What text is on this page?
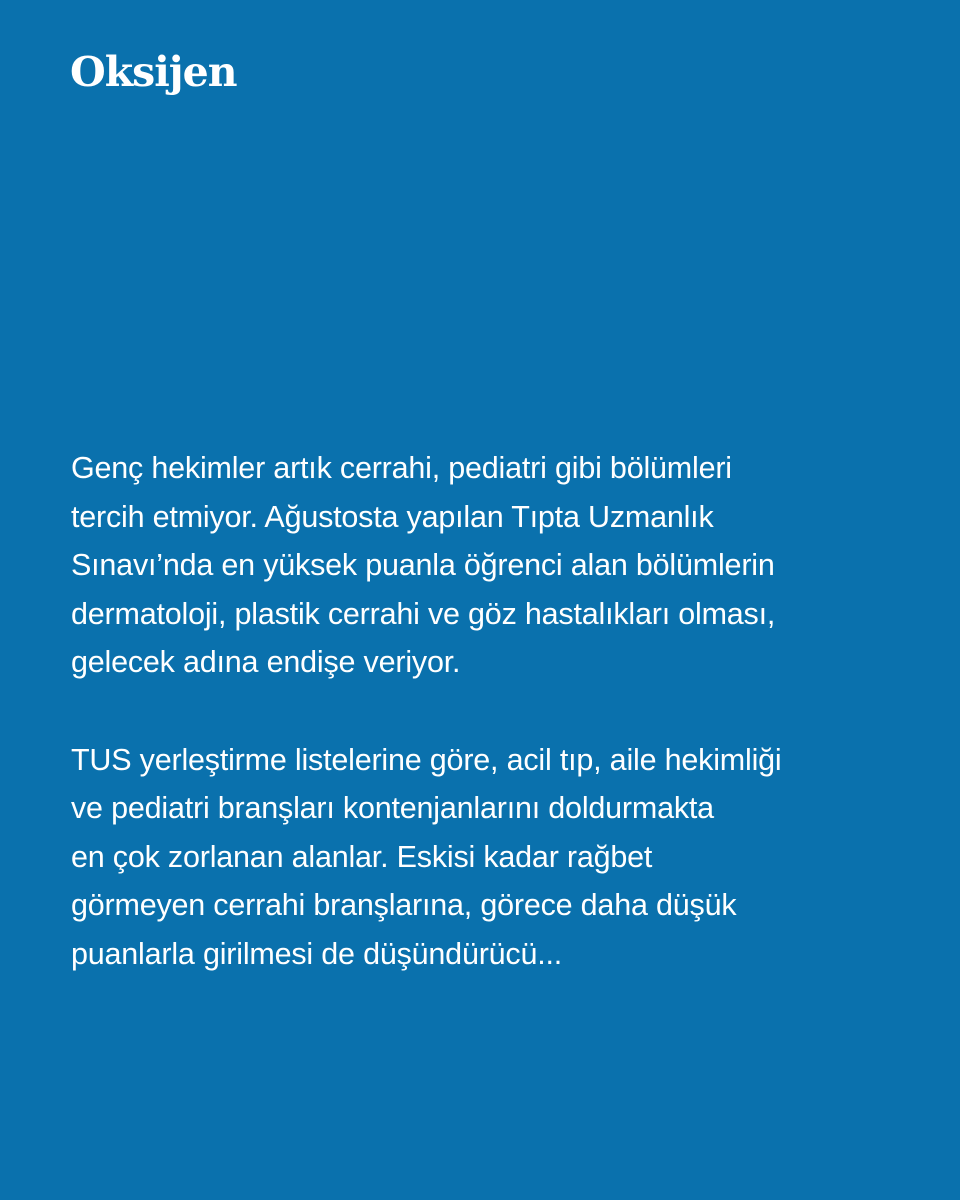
Oksijen

Genç hekimler artık cerrahi, pediatri gibi bölümleri
tercih etmiyor. Ağustosta yapılan Tıpta Uzmanlık
Sınavı’nda en yüksek puanla öğrenci alan bölümlerin
dermatoloji, plastik cerrahi ve göz hastalıkları olması,
gelecek adına endişe veriyor.

TUS yerleştirme listelerine göre, acil tıp, aile hekimliği
ve pediatri branşları kontenjanlarını doldurmakta
en çok zorlanan alanlar. Eskisi kadar rağbet
görmeyen cerrahi branşlarına, görece daha düşük
puanlarla girilmesi de düşündürücü...
